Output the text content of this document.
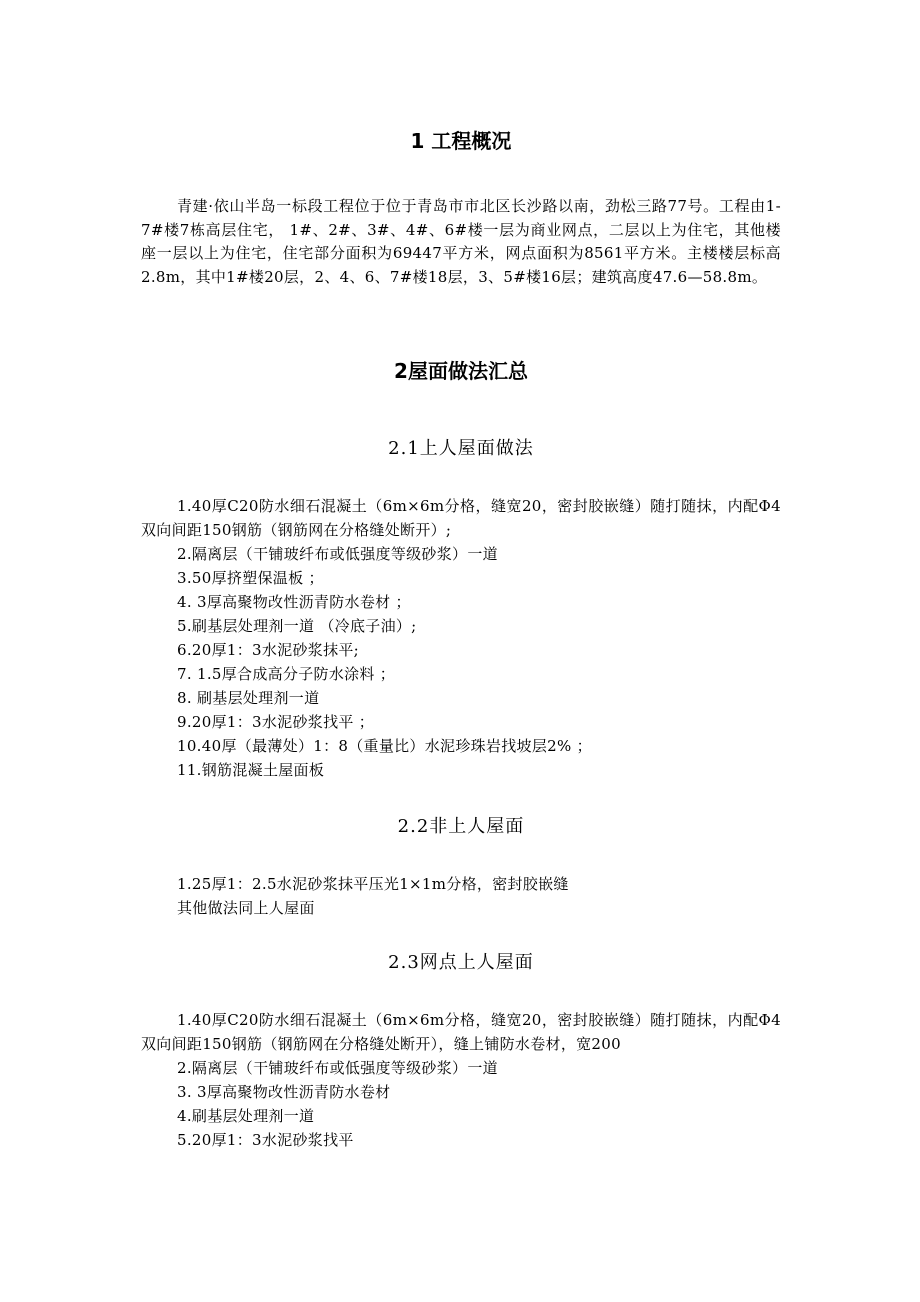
1 工程概况

青建·依山半岛一标段工程位于位于青岛市市北区长沙路以南，劲松三路77号。工程由1-7#楼7栋高层住宅， 1#、2#、3#、4#、6#楼一层为商业网点，二层以上为住宅，其他楼座一层以上为住宅，住宅部分面积为69447平方米，网点面积为8561平方米。主楼楼层标高2.8m，其中1#楼20层，2、4、6、7#楼18层，3、5#楼16层；建筑高度47.6—58.8m。

2屋面做法汇总
2.1上人屋面做法
1.40厚C20防水细石混凝土（6m×6m分格，缝宽20，密封胶嵌缝）随打随抹，内配Φ4双向间距150钢筋（钢筋网在分格缝处断开）;
2.隔离层（干铺玻纤布或低强度等级砂浆）一道
3.50厚挤塑保温板 ；
4. 3厚高聚物改性沥青防水卷材 ；
5.刷基层处理剂一道 （冷底子油）;
6.20厚1：3水泥砂浆抹平;
7. 1.5厚合成高分子防水涂料 ；
8. 刷基层处理剂一道
9.20厚1：3水泥砂浆找平 ；
10.40厚（最薄处）1：8（重量比）水泥珍珠岩找坡层2% ；
11.钢筋混凝土屋面板
2.2非上人屋面
1.25厚1：2.5水泥砂浆抹平压光1×1m分格，密封胶嵌缝
其他做法同上人屋面
2.3网点上人屋面
1.40厚C20防水细石混凝土（6m×6m分格，缝宽20，密封胶嵌缝）随打随抹，内配Φ4双向间距150钢筋（钢筋网在分格缝处断开），缝上铺防水卷材，宽200
2.隔离层（干铺玻纤布或低强度等级砂浆）一道
3. 3厚高聚物改性沥青防水卷材
4.刷基层处理剂一道
5.20厚1：3水泥砂浆找平
